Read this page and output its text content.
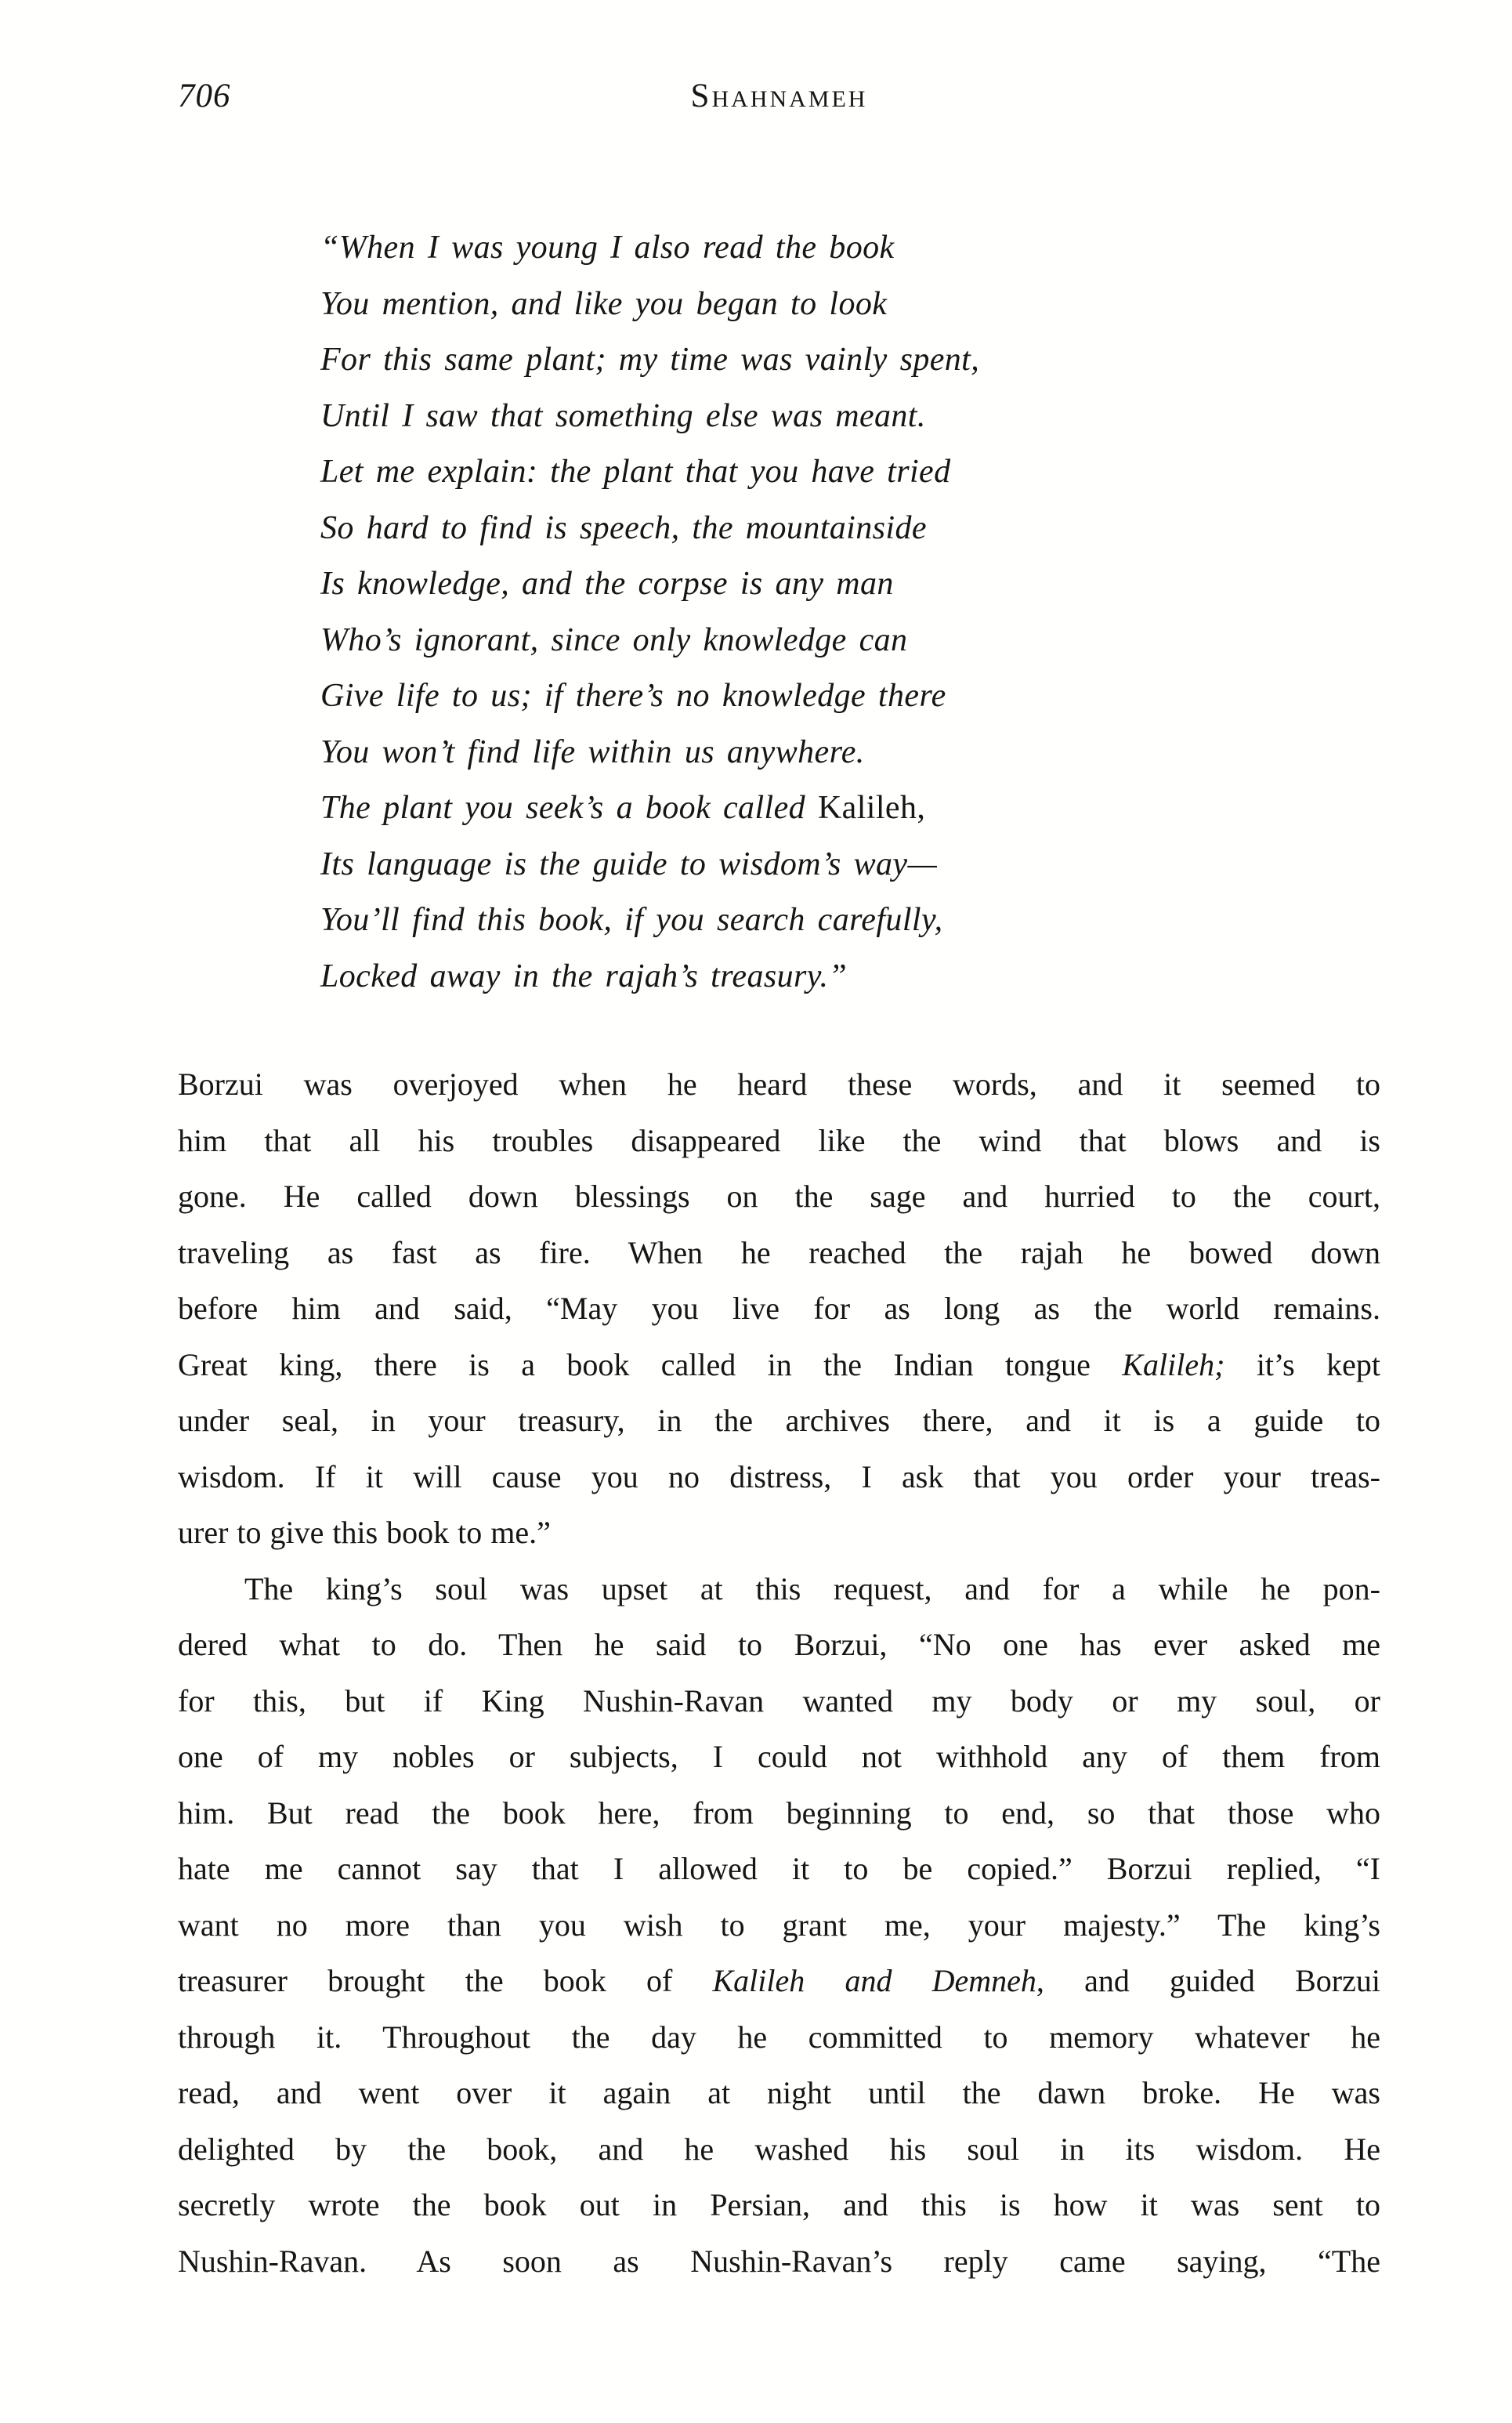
706	Shahnameh
“When I was young I also read the book
You mention, and like you began to look
For this same plant; my time was vainly spent,
Until I saw that something else was meant.
Let me explain: the plant that you have tried
So hard to find is speech, the mountainside
Is knowledge, and the corpse is any man
Who’s ignorant, since only knowledge can
Give life to us; if there’s no knowledge there
You won’t find life within us anywhere.
The plant you seek’s a book called Kalileh,
Its language is the guide to wisdom’s way—
You’ll find this book, if you search carefully,
Locked away in the rajah’s treasury.”
Borzui was overjoyed when he heard these words, and it seemed to
him that all his troubles disappeared like the wind that blows and is
gone. He called down blessings on the sage and hurried to the court,
traveling as fast as fire. When he reached the rajah he bowed down
before him and said, “May you live for as long as the world remains.
Great king, there is a book called in the Indian tongue Kalileh; it’s kept
under seal, in your treasury, in the archives there, and it is a guide to
wisdom. If it will cause you no distress, I ask that you order your treas-
urer to give this book to me.”
The king’s soul was upset at this request, and for a while he pon-
dered what to do. Then he said to Borzui, “No one has ever asked me
for this, but if King Nushin-Ravan wanted my body or my soul, or
one of my nobles or subjects, I could not withhold any of them from
him. But read the book here, from beginning to end, so that those who
hate me cannot say that I allowed it to be copied.” Borzui replied, “I
want no more than you wish to grant me, your majesty.” The king’s
treasurer brought the book of Kalileh and Demneh, and guided Borzui
through it. Throughout the day he committed to memory whatever he
read, and went over it again at night until the dawn broke. He was
delighted by the book, and he washed his soul in its wisdom. He
secretly wrote the book out in Persian, and this is how it was sent to
Nushin-Ravan. As soon as Nushin-Ravan’s reply came saying, “The
